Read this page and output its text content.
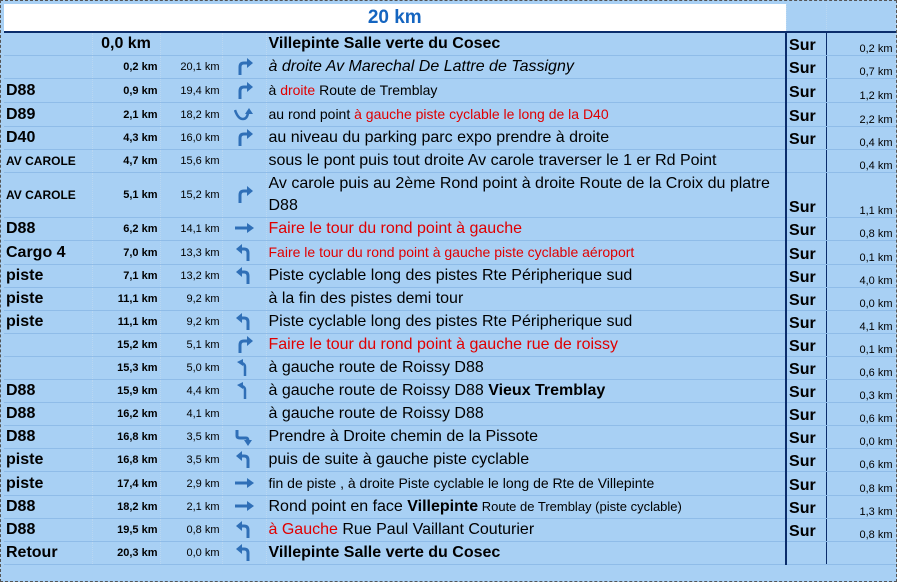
20 km						
	0,0 km			Villepinte Salle verte du Cosec	Sur	0,2 km
	0,2 km	20,1 km		à droite Av Marechal De Lattre de Tassigny	Sur	0,7 km
D88	0,9 km	19,4 km		à droite Route de Tremblay	Sur	1,2 km
D89	2,1 km	18,2 km		au rond point à gauche piste cyclable le long de la D40	Sur	2,2 km
D40	4,3 km	16,0 km		au niveau du parking parc expo prendre à droite	Sur	0,4 km
AV CAROLE	4,7 km	15,6 km		sous le pont puis tout droite Av carole traverser le 1 er Rd Point		0,4 km
AV CAROLE	5,1 km	15,2 km		Av carole puis au 2ème Rond point à droite Route de la Croix du platre D88	Sur	1,1 km
D88	6,2 km	14,1 km		Faire le tour du rond point à gauche	Sur	0,8 km
Cargo 4	7,0 km	13,3 km		Faire le tour du rond point à gauche piste cyclable aéroport	Sur	0,1 km
piste	7,1 km	13,2 km		Piste cyclable long des pistes Rte Péripherique sud	Sur	4,0 km
piste	11,1 km	9,2 km		à la fin des pistes demi tour	Sur	0,0 km
piste	11,1 km	9,2 km		Piste cyclable long des pistes Rte Péripherique sud	Sur	4,1 km
	15,2 km	5,1 km		Faire le tour du rond point à gauche rue de roissy	Sur	0,1 km
	15,3 km	5,0 km		à gauche route de Roissy D88	Sur	0,6 km
D88	15,9 km	4,4 km		à gauche route de Roissy D88 Vieux Tremblay	Sur	0,3 km
D88	16,2 km	4,1 km		à gauche route de Roissy D88	Sur	0,6 km
D88	16,8 km	3,5 km		Prendre à Droite chemin de la Pissote	Sur	0,0 km
piste	16,8 km	3,5 km		puis de suite à gauche piste cyclable	Sur	0,6 km
piste	17,4 km	2,9 km		fin de piste , à droite Piste cyclable le long de Rte de Villepinte	Sur	0,8 km
D88	18,2 km	2,1 km		Rond point en face Villepinte Route de Tremblay (piste cyclable)	Sur	1,3 km
D88	19,5 km	0,8 km		à Gauche Rue Paul Vaillant Couturier	Sur	0,8 km
Retour	20,3 km	0,0 km		Villepinte Salle verte du Cosec		
